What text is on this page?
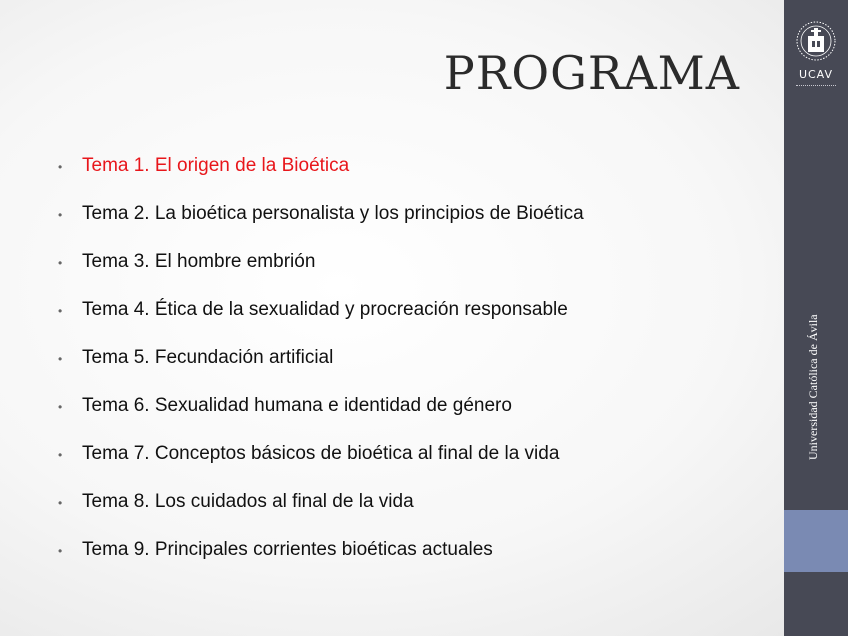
PROGRAMA
•	Tema 1. El origen de la Bioética
•	Tema 2. La bioética personalista y los principios de Bioética
•	Tema 3. El hombre embrión
•	Tema 4. Ética de la sexualidad y procreación responsable
•	Tema 5. Fecundación artificial
•	Tema 6. Sexualidad humana e identidad de género
•	Tema 7. Conceptos básicos de bioética al final de la vida
•	Tema 8. Los cuidados al final de la vida
•	Tema 9. Principales corrientes bioéticas actuales
UCAV
Universidad Católica de Ávila
